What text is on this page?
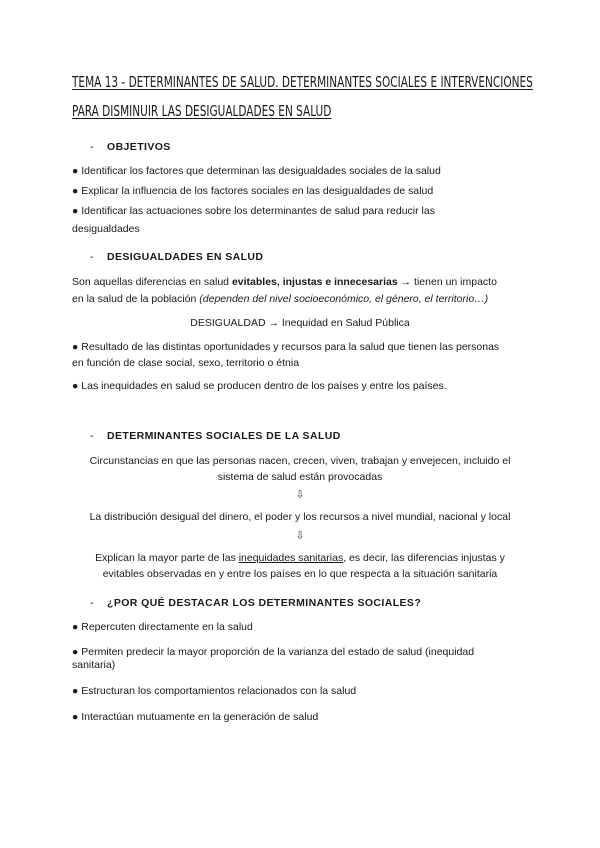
TEMA 13 - DETERMINANTES DE SALUD. DETERMINANTES SOCIALES E INTERVENCIONES
PARA DISMINUIR LAS DESIGUALDADES EN SALUD
- OBJETIVOS
● Identificar los factores que determinan las desigualdades sociales de la salud
● Explicar la influencia de los factores sociales en las desigualdades de salud
● Identificar las actuaciones sobre los determinantes de salud para reducir las
desigualdades
- DESIGUALDADES EN SALUD
Son aquellas diferencias en salud evitables, injustas e innecesarias → tienen un impacto
en la salud de la población (dependen del nivel socioeconómico, el género, el territorio…)
DESIGUALDAD → Inequidad en Salud Pública
● Resultado de las distintas oportunidades y recursos para la salud que tienen las personas
en función de clase social, sexo, territorio o étnia
● Las inequidades en salud se producen dentro de los países y entre los países.
- DETERMINANTES SOCIALES DE LA SALUD
Circunstancias en que las personas nacen, crecen, viven, trabajan y envejecen, incluido el
sistema de salud están provocadas
⇩
La distribución desigual del dinero, el poder y los recursos a nivel mundial, nacional y local
⇩
Explican la mayor parte de las inequidades sanitarias, es decir, las diferencias injustas y
evitables observadas en y entre los países en lo que respecta a la situación sanitaria
- ¿POR QUÉ DESTACAR LOS DETERMINANTES SOCIALES?
● Repercuten directamente en la salud
● Permiten predecir la mayor proporción de la varianza del estado de salud (inequidad
sanitaria)
● Estructuran los comportamientos relacionados con la salud
● Interactúan mutuamente en la generación de salud
